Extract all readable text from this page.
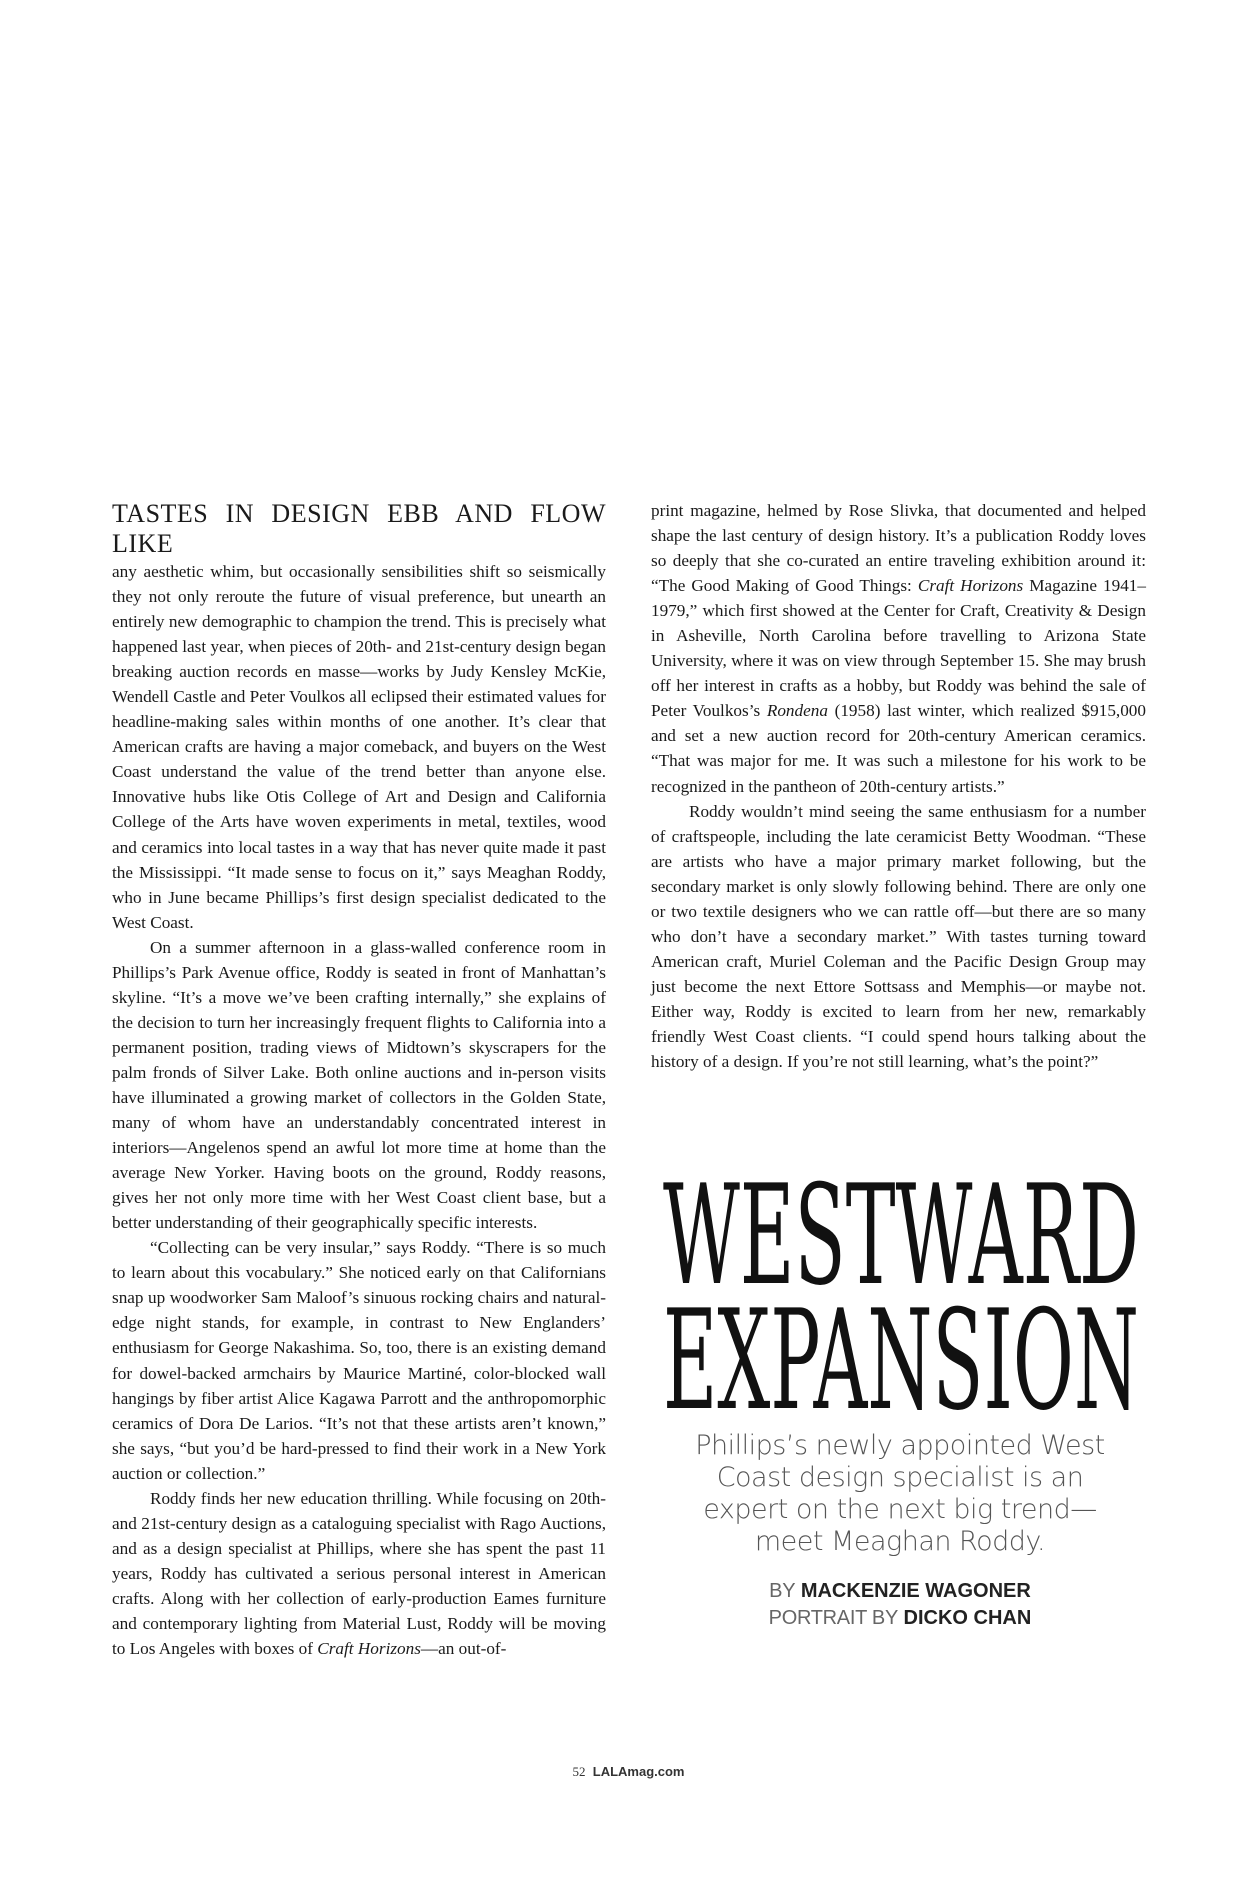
TASTES IN DESIGN EBB AND FLOW LIKE

any aesthetic whim, but occasionally sensibilities shift so seismically they not only reroute the future of visual preference, but unearth an entirely new demographic to champion the trend. This is precisely what happened last year, when pieces of 20th- and 21st-century design began breaking auction records en masse—works by Judy Kensley McKie, Wendell Castle and Peter Voulkos all eclipsed their estimated values for headline-making sales within months of one another. It’s clear that American crafts are having a major comeback, and buyers on the West Coast understand the value of the trend better than anyone else. Innovative hubs like Otis College of Art and Design and California College of the Arts have woven experiments in metal, textiles, wood and ceramics into local tastes in a way that has never quite made it past the Mississippi. “It made sense to focus on it,” says Meaghan Roddy, who in June became Phillips’s first design specialist dedicated to the West Coast.

On a summer afternoon in a glass-walled conference room in Phillips’s Park Avenue office, Roddy is seated in front of Manhattan’s skyline. “It’s a move we’ve been crafting internally,” she explains of the decision to turn her increasingly frequent flights to California into a permanent position, trading views of Midtown’s skyscrapers for the palm fronds of Silver Lake. Both online auctions and in-person visits have illuminated a growing market of collectors in the Golden State, many of whom have an understandably concentrated interest in interiors—Angelenos spend an awful lot more time at home than the average New Yorker. Having boots on the ground, Roddy reasons, gives her not only more time with her West Coast client base, but a better understanding of their geographically specific interests.

“Collecting can be very insular,” says Roddy. “There is so much to learn about this vocabulary.” She noticed early on that Californians snap up woodworker Sam Maloof’s sinuous rocking chairs and natural-edge night stands, for example, in contrast to New Englanders’ enthusiasm for George Nakashima. So, too, there is an existing demand for dowel-backed armchairs by Maurice Martiné, color-blocked wall hangings by fiber artist Alice Kagawa Parrott and the anthropomorphic ceramics of Dora De Larios. “It’s not that these artists aren’t known,” she says, “but you’d be hard-pressed to find their work in a New York auction or collection.”

Roddy finds her new education thrilling. While focusing on 20th- and 21st-century design as a cataloguing specialist with Rago Auctions, and as a design specialist at Phillips, where she has spent the past 11 years, Roddy has cultivated a serious personal interest in American crafts. Along with her collection of early-production Eames furniture and contemporary lighting from Material Lust, Roddy will be moving to Los Angeles with boxes of Craft Horizons—an out-of-

print magazine, helmed by Rose Slivka, that documented and helped shape the last century of design history. It’s a publication Roddy loves so deeply that she co-curated an entire traveling exhibition around it: “The Good Making of Good Things: Craft Horizons Magazine 1941–1979,” which first showed at the Center for Craft, Creativity & Design in Asheville, North Carolina before travelling to Arizona State University, where it was on view through September 15. She may brush off her interest in crafts as a hobby, but Roddy was behind the sale of Peter Voulkos’s Rondena (1958) last winter, which realized $915,000 and set a new auction record for 20th-century American ceramics. “That was major for me. It was such a milestone for his work to be recognized in the pantheon of 20th-century artists.”

Roddy wouldn’t mind seeing the same enthusiasm for a number of craftspeople, including the late ceramicist Betty Woodman. “These are artists who have a major primary market following, but the secondary market is only slowly following behind. There are only one or two textile designers who we can rattle off—but there are so many who don’t have a secondary market.” With tastes turning toward American craft, Muriel Coleman and the Pacific Design Group may just become the next Ettore Sottsass and Memphis—or maybe not. Either way, Roddy is excited to learn from her new, remarkably friendly West Coast clients. “I could spend hours talking about the history of a design. If you’re not still learning, what’s the point?”

WESTWARD
EXPANSION
Phillips’s newly appointed West Coast design specialist is an expert on the next big trend—meet Meaghan Roddy.
BY MACKENZIE WAGONER
PORTRAIT BY DICKO CHAN
52 LALAmag.com
